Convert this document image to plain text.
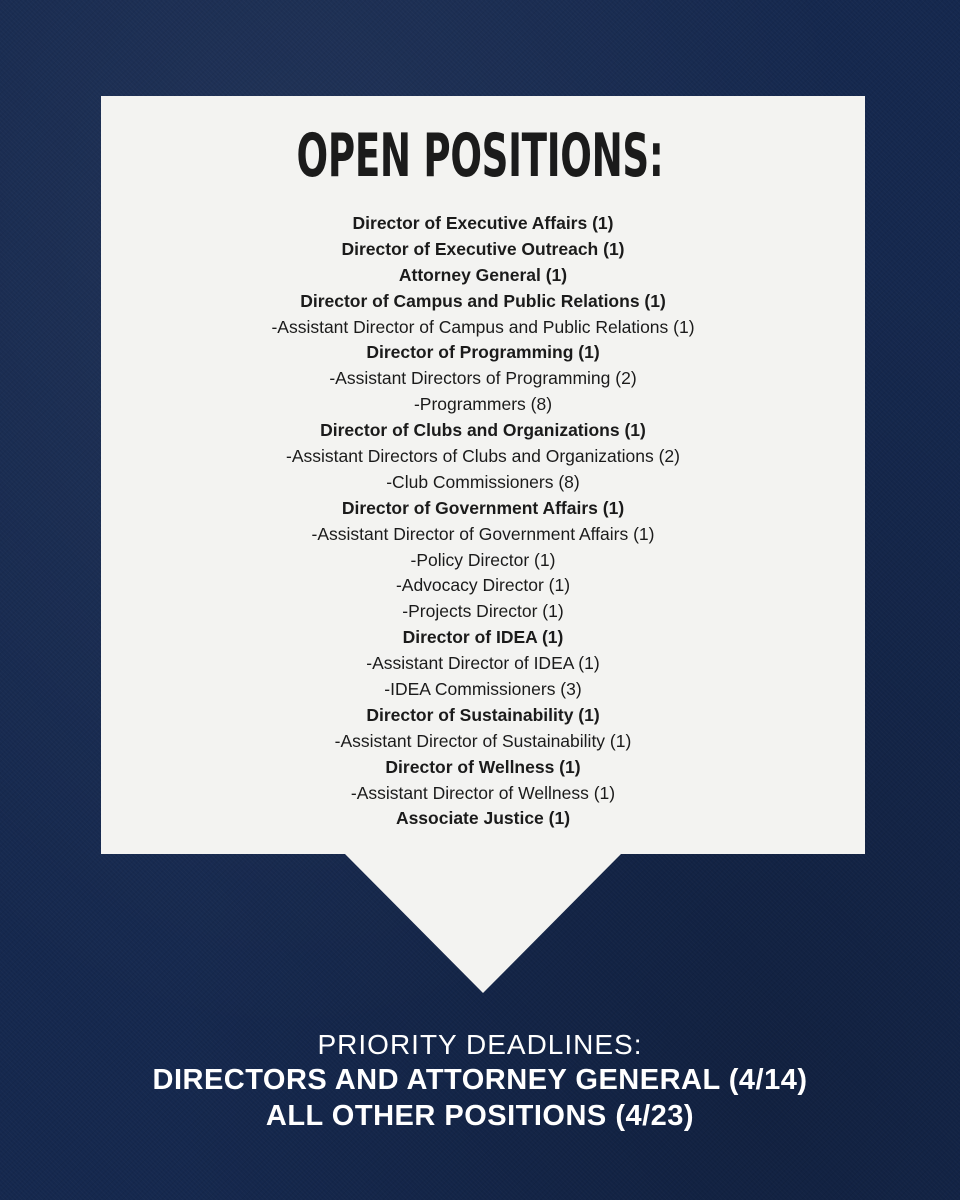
OPEN POSITIONS:
Director of Executive Affairs (1)
Director of Executive Outreach (1)
Attorney General (1)
Director of Campus and Public Relations (1)
-Assistant Director of Campus and Public Relations (1)
Director of Programming (1)
-Assistant Directors of Programming (2)
-Programmers (8)
Director of Clubs and Organizations (1)
-Assistant Directors of Clubs and Organizations (2)
-Club Commissioners (8)
Director of Government Affairs (1)
-Assistant Director of Government Affairs (1)
-Policy Director (1)
-Advocacy Director (1)
-Projects Director (1)
Director of IDEA (1)
-Assistant Director of IDEA (1)
-IDEA Commissioners (3)
Director of Sustainability (1)
-Assistant Director of Sustainability (1)
Director of Wellness (1)
-Assistant Director of Wellness (1)
Associate Justice (1)
PRIORITY DEADLINES:
DIRECTORS AND ATTORNEY GENERAL (4/14)
ALL OTHER POSITIONS (4/23)
